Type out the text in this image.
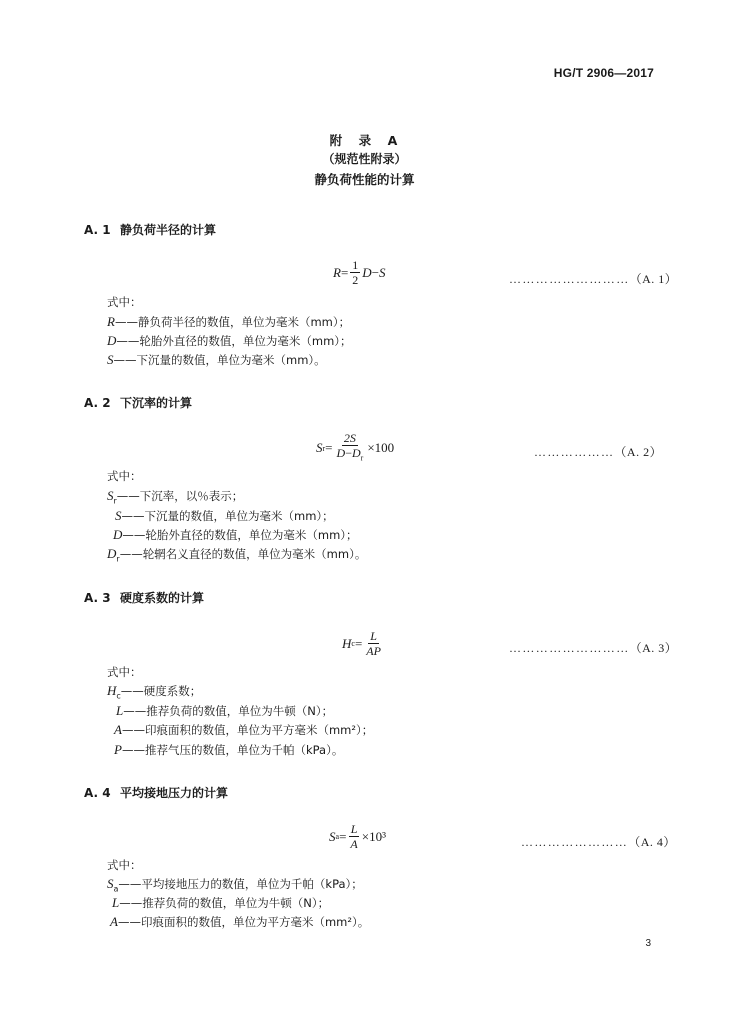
HG/T 2906—2017
附　录　A
（规范性附录）
静负荷性能的计算
A. 1 静负荷半径的计算
$R = \frac{1}{2}$ D − S	………………………（A. 1）
式中：
R——静负荷半径的数值，单位为毫米（mm）；
D——轮胎外直径的数值，单位为毫米（mm）；
S——下沉量的数值，单位为毫米（mm）。
A. 2 下沉率的计算
S $r = \frac{2S}{D-D_r} \times 100$	………………（A. 2）
式中：
$S_r——$下沉率，以％表示；
S——下沉量的数值，单位为毫米（mm）；
D——轮胎外直径的数值，单位为毫米（mm）；
$D_r——$轮辋名义直径的数值，单位为毫米（mm）。
A. 3 硬度系数的计算
H $c = \frac{L}{AP}$	………………………（A. 3）
式中：
$H_c——$硬度系数；
L——推荐负荷的数值，单位为牛顿（N）；
A——印痕面积的数值，单位为平方毫米（mm²）；
P——推荐气压的数值，单位为千帕（kPa）。
A. 4 平均接地压力的计算
S $a = \frac{L}{A} \times 10^3$	……………………（A. 4）
式中：
$S_a——$平均接地压力的数值，单位为千帕（kPa）；
L——推荐负荷的数值，单位为牛顿（N）；
A——印痕面积的数值，单位为平方毫米（mm²）。
3
